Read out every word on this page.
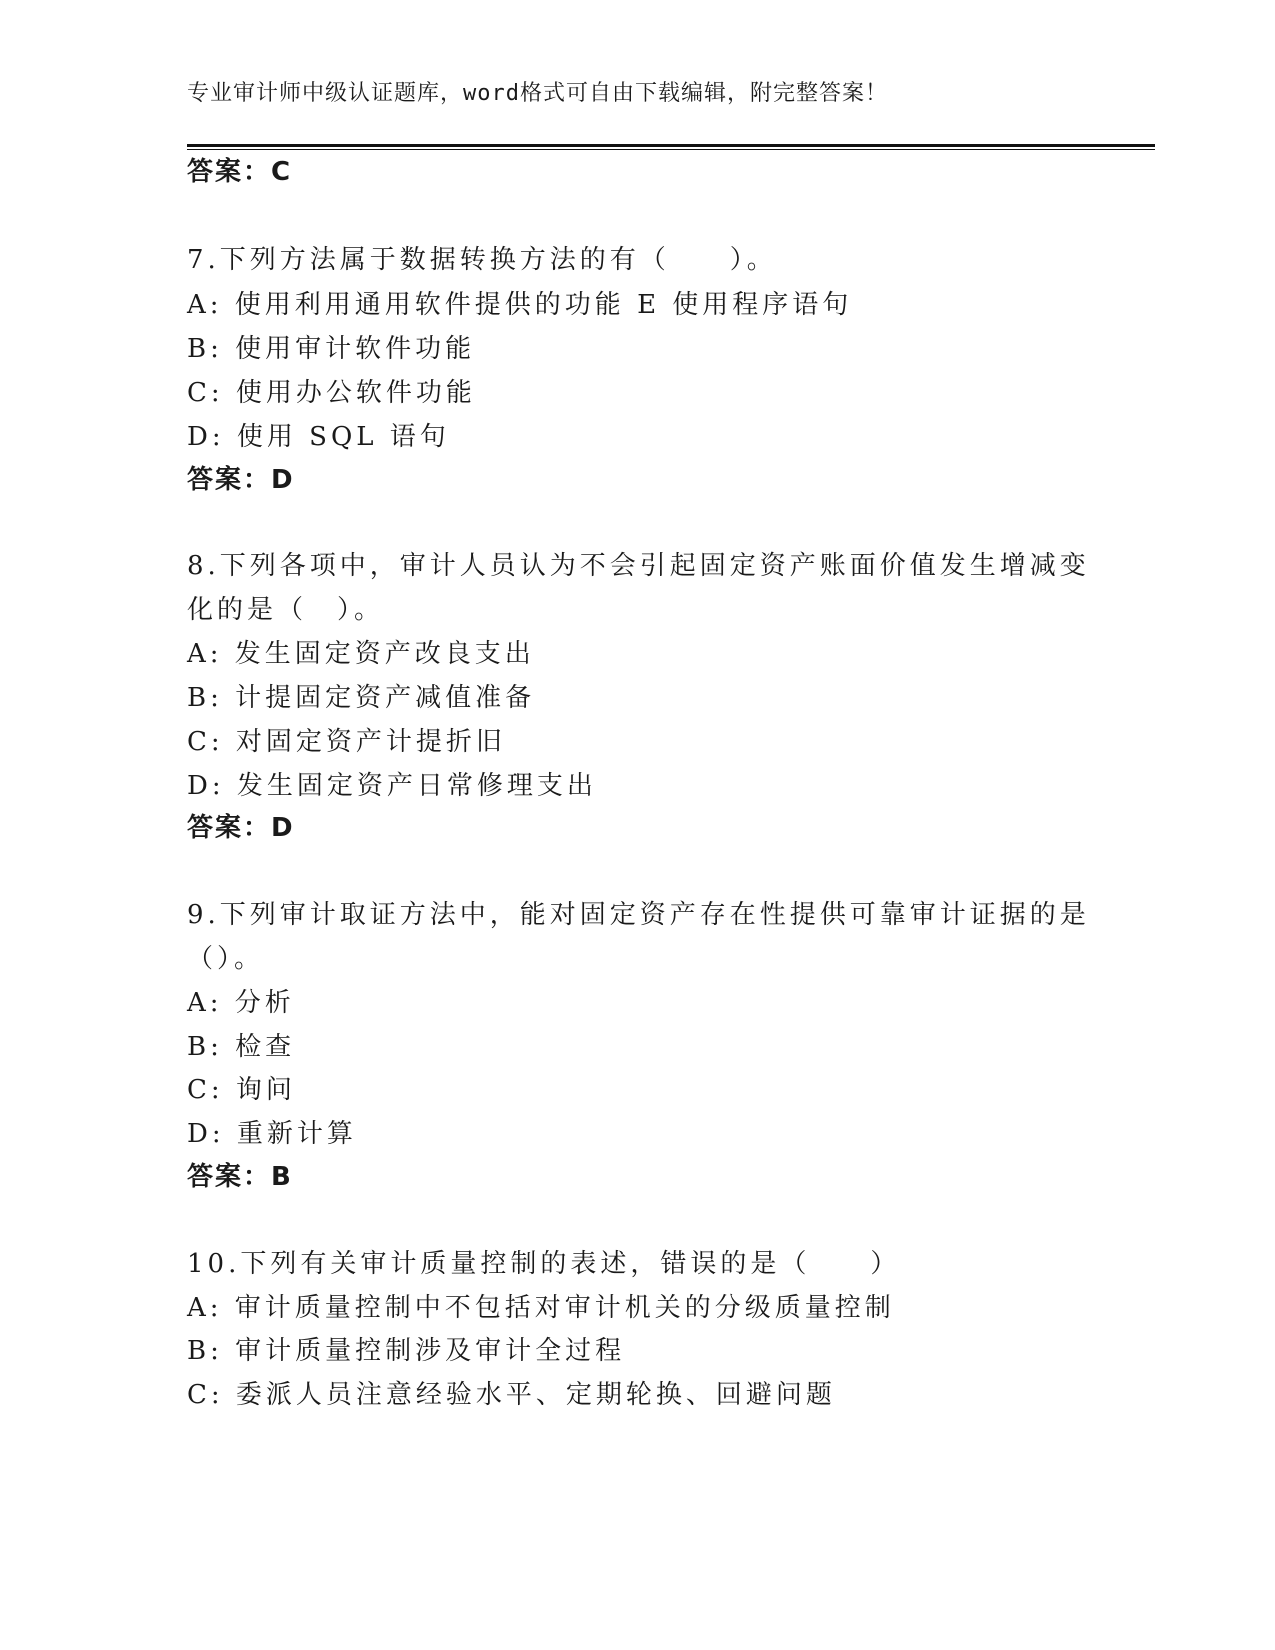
专业审计师中级认证题库，word格式可自由下载编辑，附完整答案！
答案：C
7.下列方法属于数据转换方法的有（　　）。
A: 使用利用通用软件提供的功能 E 使用程序语句
B: 使用审计软件功能
C: 使用办公软件功能
D: 使用 SQL 语句
答案：D
8.下列各项中，审计人员认为不会引起固定资产账面价值发生增减变
化的是（　）。
A: 发生固定资产改良支出
B: 计提固定资产减值准备
C: 对固定资产计提折旧
D: 发生固定资产日常修理支出
答案：D
9.下列审计取证方法中，能对固定资产存在性提供可靠审计证据的是
（）。
A: 分析
B: 检查
C: 询问
D: 重新计算
答案：B
10.下列有关审计质量控制的表述，错误的是（　　）
A: 审计质量控制中不包括对审计机关的分级质量控制
B: 审计质量控制涉及审计全过程
C: 委派人员注意经验水平、定期轮换、回避问题
